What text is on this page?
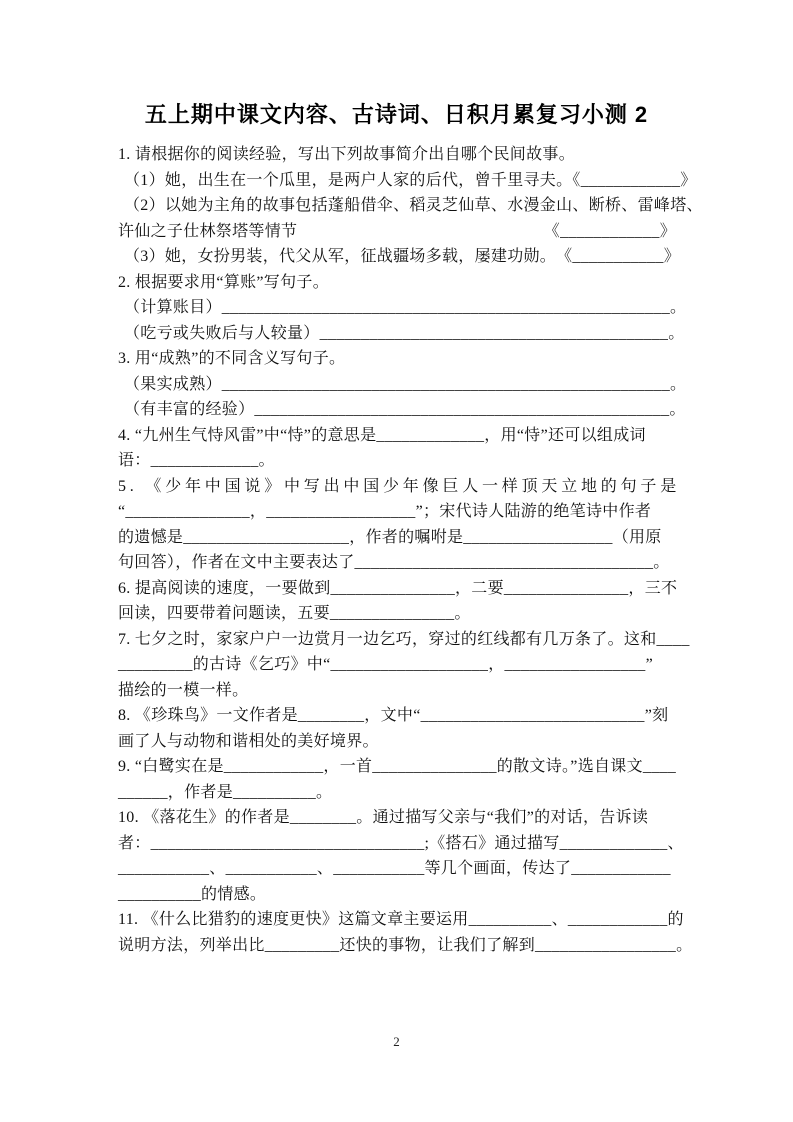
五上期中课文内容、古诗词、日积月累复习小测 2
1. 请根据你的阅读经验，写出下列故事简介出自哪个民间故事。
（1）她，出生在一个瓜里，是两户人家的后代，曾千里寻夫。《____________》
（2）以她为主角的故事包括蓬船借伞、稻灵芝仙草、水漫金山、断桥、雷峰塔、
许仙之子仕林祭塔等情节	《____________》
（3）她，女扮男装，代父从军，征战疆场多载，屡建功勋。 《___________》
2. 根据要求用“算账”写句子。
（计算账目）______________________________________________________。
（吃亏或失败后与人较量）__________________________________________。
3. 用“成熟”的不同含义写句子。
（果实成熟）______________________________________________________。
（有丰富的经验）__________________________________________________。
4. “九州生气恃风雷”中“恃”的意思是_____________，用“恃”还可以组成词
语：_____________。
5. 《少年中国说》中写出中国少年像巨人一样顶天立地的句子是
“_______________，__________________”；宋代诗人陆游的绝笔诗中作者
的遗憾是____________________，作者的嘱咐是__________________（用原
句回答），作者在文中主要表达了____________________________________。
6. 提高阅读的速度，一要做到_______________，二要_______________，三不
回读，四要带着问题读，五要_______________。
7. 七夕之时，家家户户一边赏月一边乞巧，穿过的红线都有几万条了。这和____
_________的古诗《乞巧》中“___________________，_________________”
描绘的一模一样。
8. 《珍珠鸟》一文作者是________，文中“___________________________”刻
画了人与动物和谐相处的美好境界。
9. “白鹭实在是____________，一首_______________的散文诗。”选自课文____
______，作者是__________。
10. 《落花生》的作者是________。通过描写父亲与“我们”的对话，告诉读
者：_________________________________;《搭石》通过描写_____________、
___________、___________、___________等几个画面，传达了____________
__________的情感。
11. 《什么比猎豹的速度更快》这篇文章主要运用__________、____________的
说明方法，列举出比_________还快的事物，让我们了解到_________________。
2
